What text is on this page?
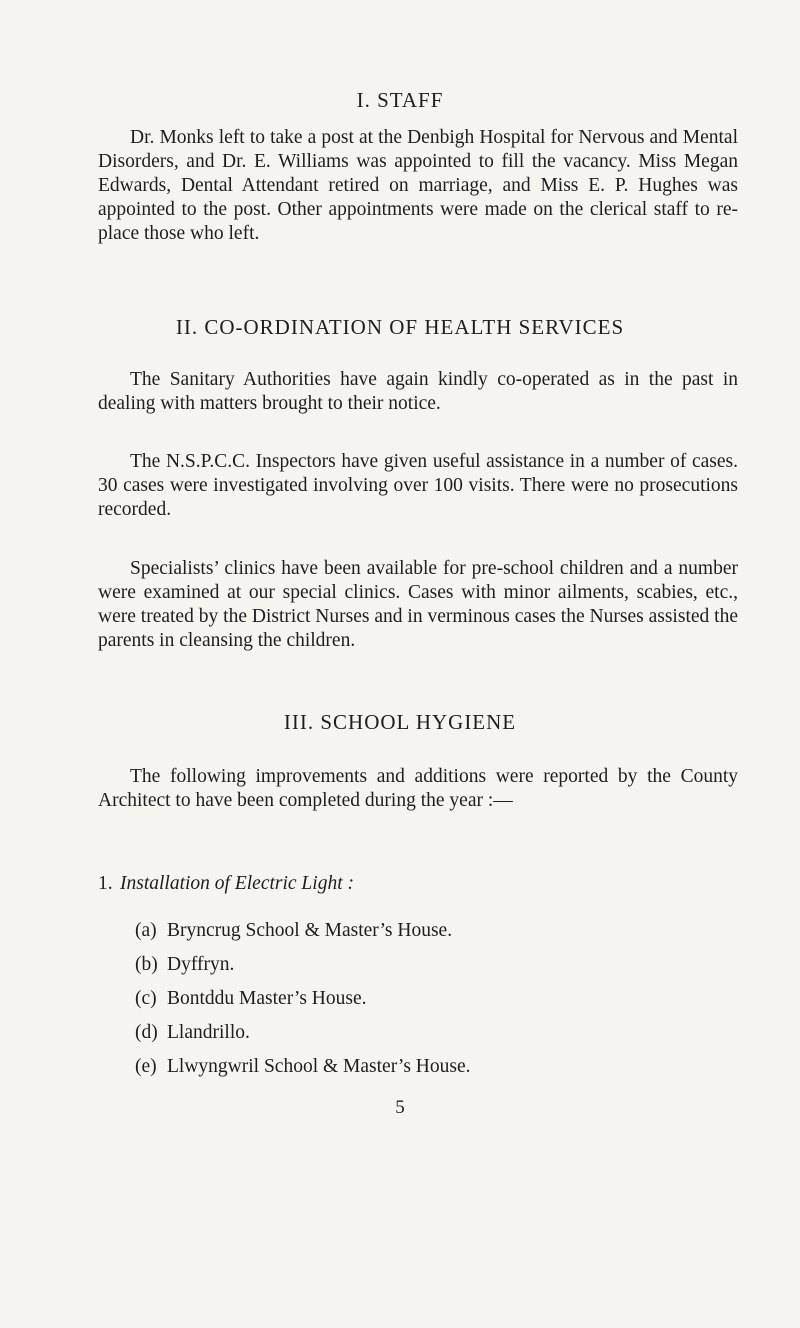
I. STAFF

Dr. Monks left to take a post at the Denbigh Hospital for Nervous and Mental Disorders, and Dr. E. Williams was appointed to fill the vacancy. Miss Megan Edwards, Dental Attendant retired on marriage, and Miss E. P. Hughes was appointed to the post. Other appointments were made on the clerical staff to replace those who left.

II. CO-ORDINATION OF HEALTH SERVICES

The Sanitary Authorities have again kindly co-operated as in the past in dealing with matters brought to their notice.

The N.S.P.C.C. Inspectors have given useful assistance in a number of cases. 30 cases were investigated involving over 100 visits. There were no prosecutions recorded.

Specialists’ clinics have been available for pre-school children and a number were examined at our special clinics. Cases with minor ailments, scabies, etc., were treated by the District Nurses and in verminous cases the Nurses assisted the parents in cleansing the children.

III. SCHOOL HYGIENE

The following improvements and additions were reported by the County Architect to have been completed during the year :—

1. Installation of Electric Light :
(a) Bryncrug School & Master’s House.
(b) Dyffryn.
(c) Bontddu Master’s House.
(d) Llandrillo.
(e) Llwyngwril School & Master’s House.
5
